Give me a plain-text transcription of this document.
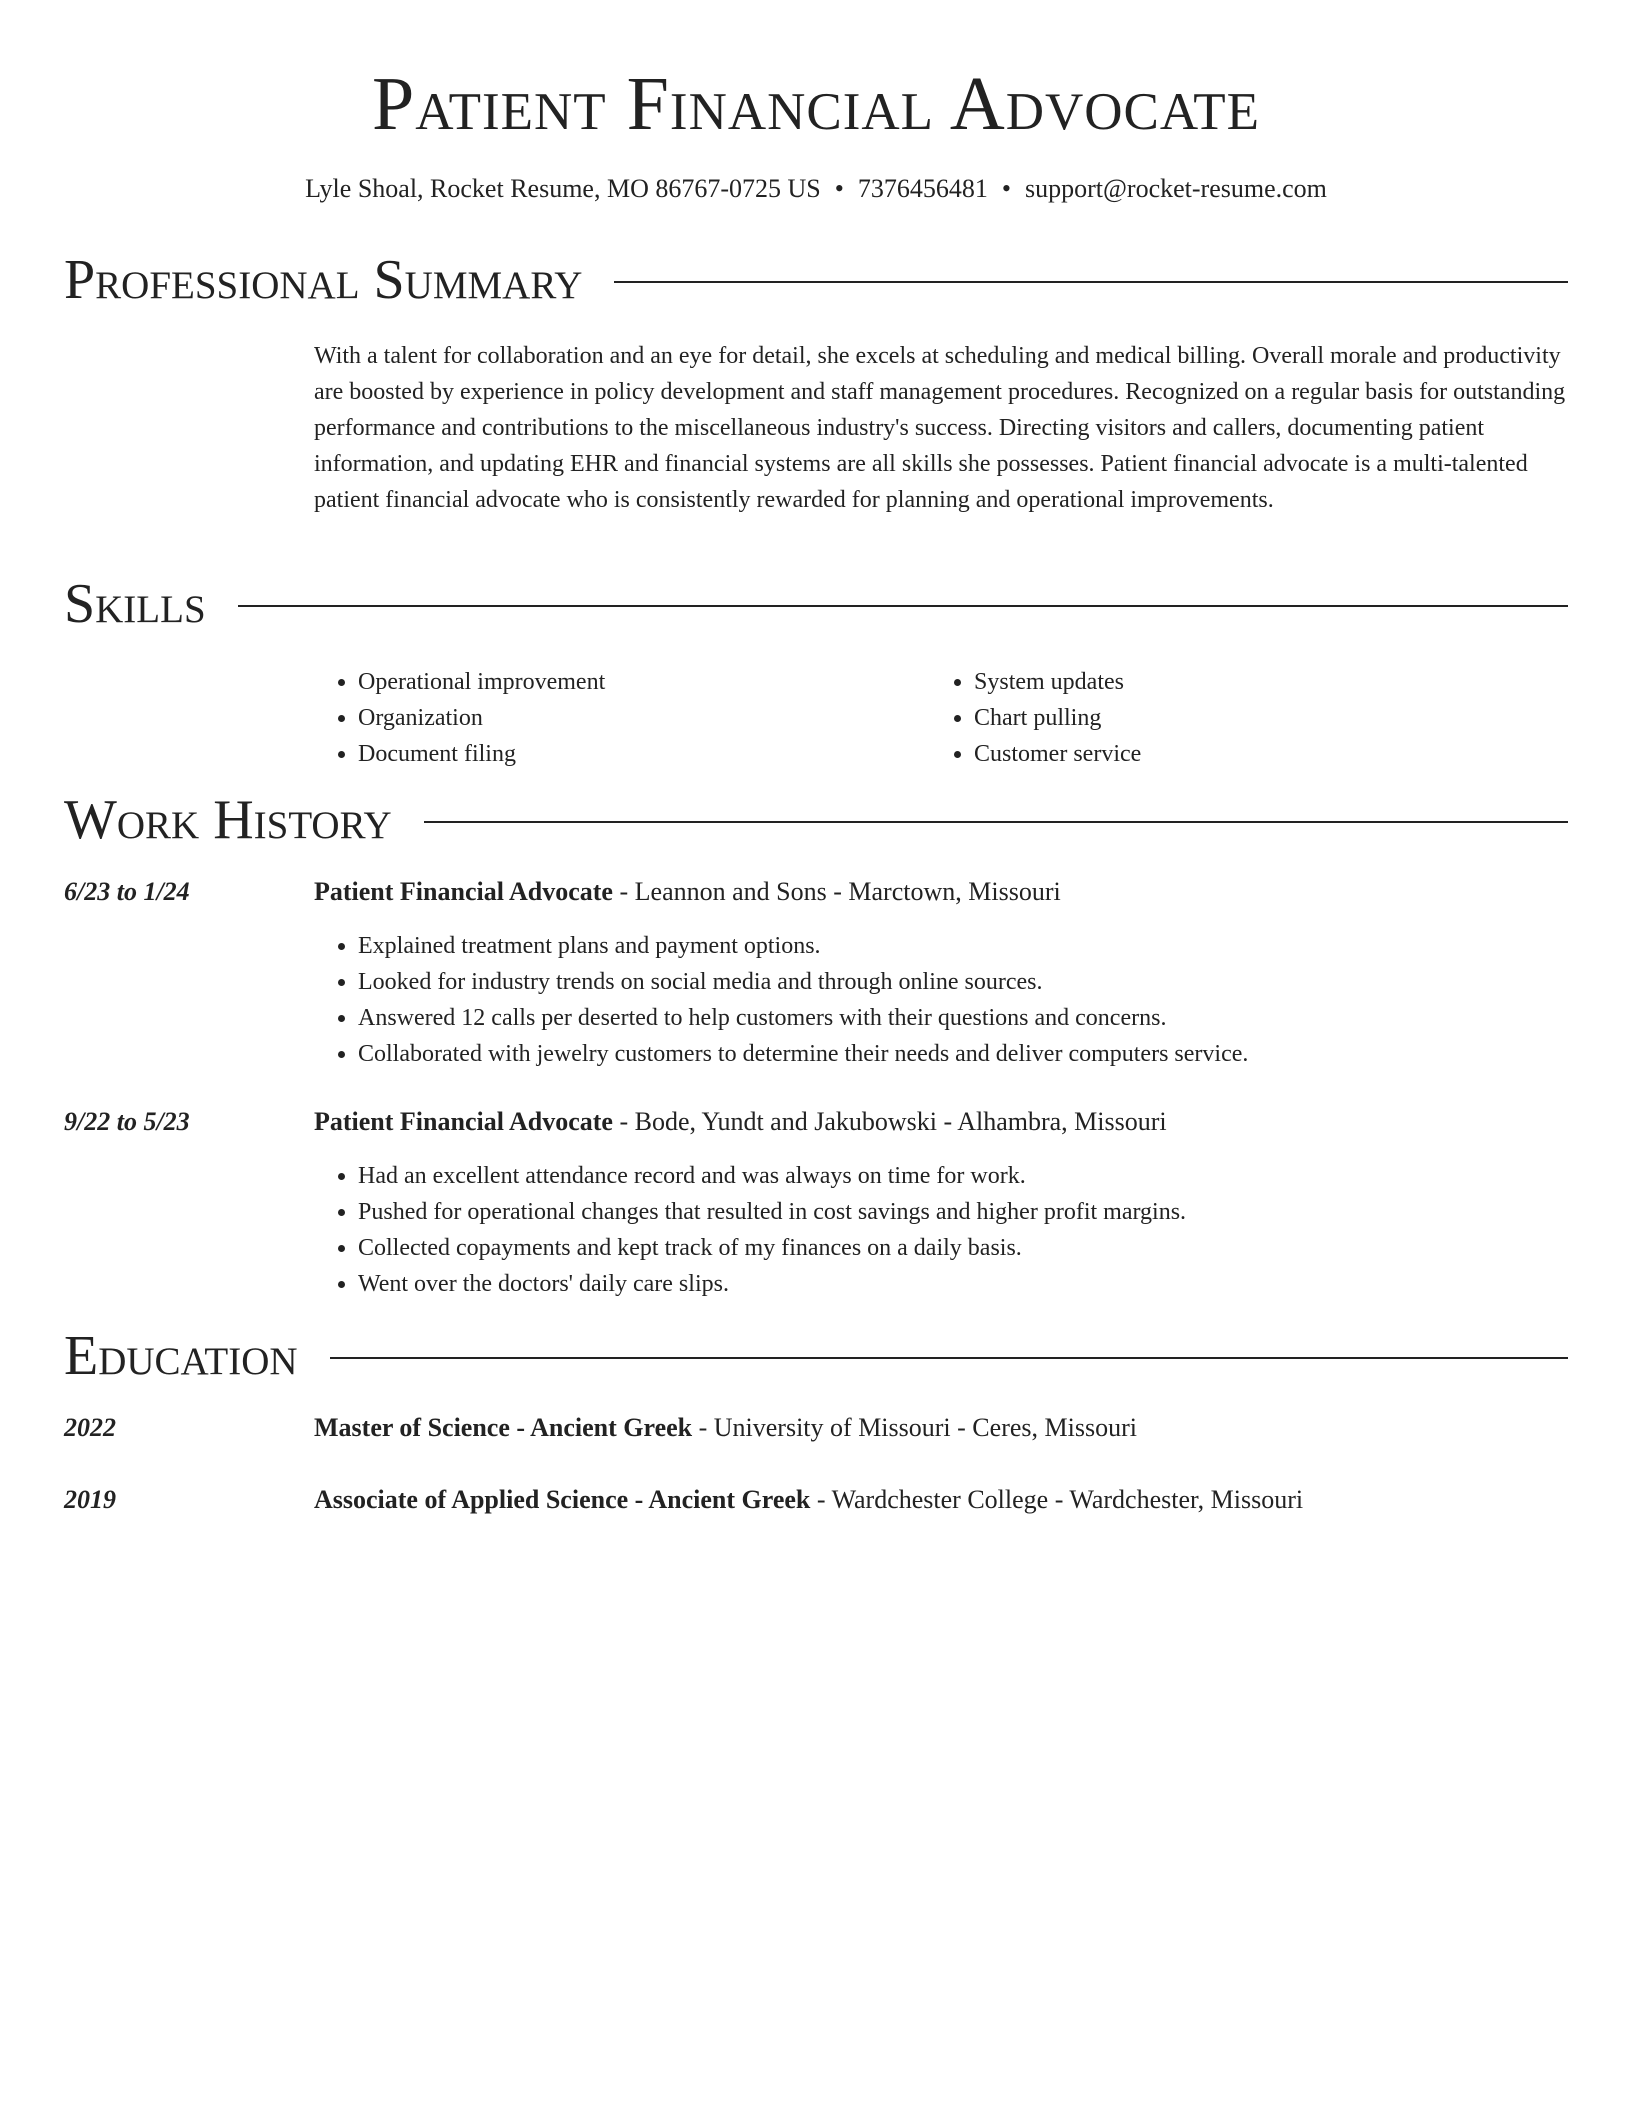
Patient Financial Advocate
Lyle Shoal, Rocket Resume, MO 86767-0725 US • 7376456481 • support@rocket-resume.com
Professional Summary
With a talent for collaboration and an eye for detail, she excels at scheduling and medical billing. Overall morale and productivity are boosted by experience in policy development and staff management procedures. Recognized on a regular basis for outstanding performance and contributions to the miscellaneous industry's success. Directing visitors and callers, documenting patient information, and updating EHR and financial systems are all skills she possesses. Patient financial advocate is a multi-talented patient financial advocate who is consistently rewarded for planning and operational improvements.
Skills
• Operational improvement
• Organization
• Document filing
• System updates
• Chart pulling
• Customer service
Work History
6/23 to 1/24	Patient Financial Advocate - Leannon and Sons - Marctown, Missouri
• Explained treatment plans and payment options.
• Looked for industry trends on social media and through online sources.
• Answered 12 calls per deserted to help customers with their questions and concerns.
• Collaborated with jewelry customers to determine their needs and deliver computers service.
9/22 to 5/23	Patient Financial Advocate - Bode, Yundt and Jakubowski - Alhambra, Missouri
• Had an excellent attendance record and was always on time for work.
• Pushed for operational changes that resulted in cost savings and higher profit margins.
• Collected copayments and kept track of my finances on a daily basis.
• Went over the doctors' daily care slips.
Education
2022	Master of Science - Ancient Greek - University of Missouri - Ceres, Missouri
2019	Associate of Applied Science - Ancient Greek - Wardchester College - Wardchester, Missouri
